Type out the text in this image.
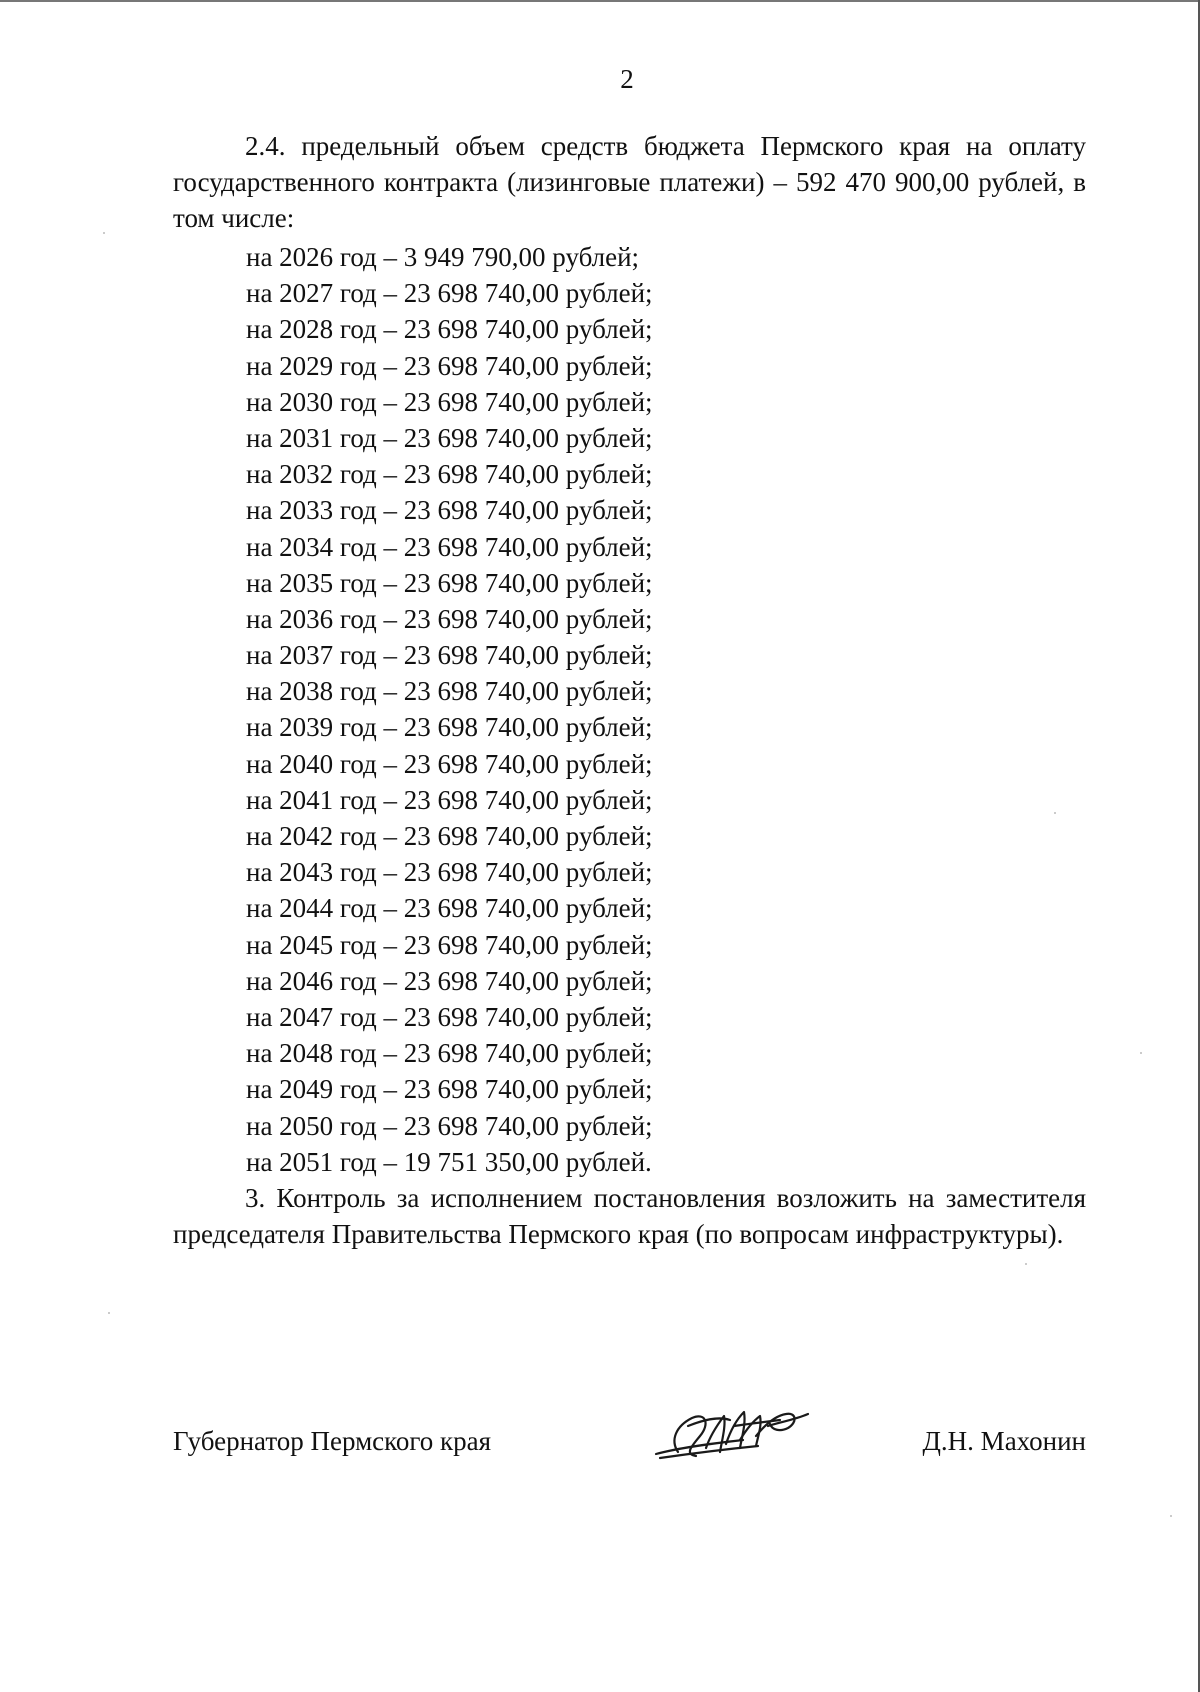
2
2.4. предельный объем средств бюджета Пермского края на оплату государственного контракта (лизинговые платежи) – 592 470 900,00 рублей, в том числе:
на 2026 год – 3 949 790,00 рублей;
на 2027 год – 23 698 740,00 рублей;
на 2028 год – 23 698 740,00 рублей;
на 2029 год – 23 698 740,00 рублей;
на 2030 год – 23 698 740,00 рублей;
на 2031 год – 23 698 740,00 рублей;
на 2032 год – 23 698 740,00 рублей;
на 2033 год – 23 698 740,00 рублей;
на 2034 год – 23 698 740,00 рублей;
на 2035 год – 23 698 740,00 рублей;
на 2036 год – 23 698 740,00 рублей;
на 2037 год – 23 698 740,00 рублей;
на 2038 год – 23 698 740,00 рублей;
на 2039 год – 23 698 740,00 рублей;
на 2040 год – 23 698 740,00 рублей;
на 2041 год – 23 698 740,00 рублей;
на 2042 год – 23 698 740,00 рублей;
на 2043 год – 23 698 740,00 рублей;
на 2044 год – 23 698 740,00 рублей;
на 2045 год – 23 698 740,00 рублей;
на 2046 год – 23 698 740,00 рублей;
на 2047 год – 23 698 740,00 рублей;
на 2048 год – 23 698 740,00 рублей;
на 2049 год – 23 698 740,00 рублей;
на 2050 год – 23 698 740,00 рублей;
на 2051 год – 19 751 350,00 рублей.
3. Контроль за исполнением постановления возложить на заместителя председателя Правительства Пермского края (по вопросам инфраструктуры).
Губернатор Пермского края	Д.Н. Махонин
